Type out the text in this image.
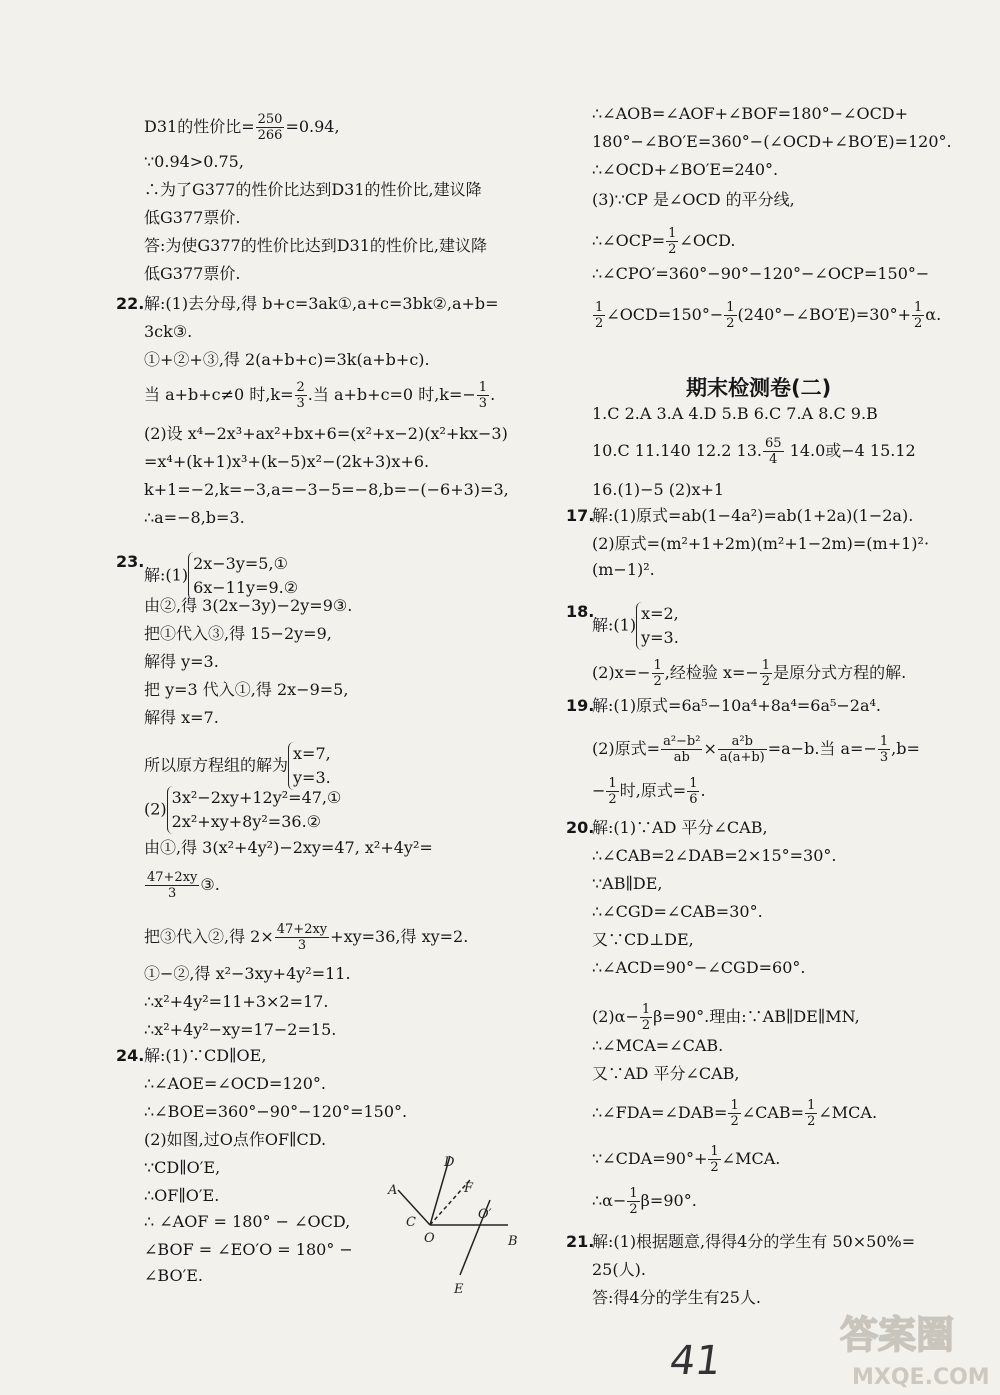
D31的性价比= $\frac{250}{266} =0.94$,
∵0.94>0.75,
∴为了G377的性价比达到D31的性价比,建议降
低G377票价.
答:为使G377的性价比达到D31的性价比,建议降
低G377票价.
22. 解:(1)去分母,得 b+c=3ak①,a+c=3bk②,a+b=
3ck③.
①+②+③,得 2(a+b+c)=3k(a+b+c).
当 a+b+c≠0 时$,k= \frac{2}{3}$ .当 a+b+c=0 时$,k=- \frac{1}{3}$ .
(2)设 x⁴−2x³+ax²+bx+6=(x²+x−2)(x²+kx−3)
=x⁴+(k+1)x³+(k−5)x²−(2k+3)x+6.
k+1=−2,k=−3,a=−3−5=−8,b=−(−6+3)=3,
∴a=−8,b=3.
23.
解:(1)
2x−3y=5,①
6x−11y=9.②
由②,得 3(2x−3y)−2y=9③.
把①代入③,得 15−2y=9,
解得 y=3.
把 y=3 代入①,得 2x−9=5,
解得 x=7.
所以原方程组的解为
x=7,
y=3.
(2)
3x²−2xy+12y²=47,①
2x²+xy+8y²=36.②
由①,得 3(x²+4y²)−2xy=47, x²+4y²=
$\frac{47+2xy}{3}$ ③.
把③代入②,得 $2\times \frac{47+2xy}{3} +xy=36$,得 xy=2.
①−②,得 x²−3xy+4y²=11.
∴x²+4y²=11+3×2=17.
∴x²+4y²−xy=17−2=15.
24. 解:(1)∵CD∥OE,
∴∠AOE=∠OCD=120°.
∴∠BOE=360°−90°−120°=150°.
(2)如图,过O点作OF∥CD.
∵CD∥O′E,
∴OF∥O′E.
∴ ∠AOF = 180° − ∠OCD,
∠BOF = ∠EO′O = 180° −
∠BO′E.
∴∠AOB=∠AOF+∠BOF=180°−∠OCD+
180°−∠BO′E=360°−(∠OCD+∠BO′E)=120°.
∴∠OCD+∠BO′E=240°.
(3)∵CP 是∠OCD 的平分线,
∴∠OCP= $\frac{1}{2}$ ∠OCD.
∴∠CPO′=360°−90°−120°−∠OCP=150°−
$\frac{1}{2}$ ∠OCD=150°− $\frac{1}{2}$ (240°−∠BO′E)=30°+ $\frac{1}{2} \alpha$.
1.C 2.A 3.A 4.D 5.B 6.C 7.A 8.C 9.B
10.C 11.140 12.2 13. $\frac{65}{4} 14.0$或−4 15.12
16.(1)−5 (2)x+1
17.
解:(1)原式=ab(1−4a²)=ab(1+2a)(1−2a).
(2)原式=(m²+1+2m)(m²+1−2m)=(m+1)²·
(m−1)².
18.
解:(1)
x=2,
y=3.
$(2)x=- \frac{1}{2}$ ,经检验 $x=- \frac{1}{2}$ 是原分式方程的解.
19.
解:(1)原式=6a⁵−10a⁴+8a⁴=6a⁵−2a⁴.
(2)原式= $\frac{\text{a²−b²}}{ab} \times \frac{\text{a²b}}{a(a+b)} =a-b$.当 $a=- \frac{1}{3} ,b=$
− $\frac{1}{2}$ 时,原式= $\frac{1}{6}$ .
20.
解:(1)∵AD 平分∠CAB,
∴∠CAB=2∠DAB=2×15°=30°.
∵AB∥DE,
∴∠CGD=∠CAB=30°.
又∵CD⊥DE,
∴∠ACD=90°−∠CGD=60°.
$(2)\alpha- \frac{1}{2} \beta=90^\circ$.理由:∵AB∥DE∥MN,
∴∠MCA=∠CAB.
又∵AD 平分∠CAB,
∴∠FDA=∠DAB= $\frac{1}{2}$ ∠CAB= $\frac{1}{2}$ ∠MCA.
∵∠CDA=90°+ $\frac{1}{2}$ ∠MCA.
∴α− $\frac{1}{2} \beta=90^\circ$.
21.
解:(1)根据题意,得得4分的学生有 50×50%=
25(人).
答:得4分的学生有25人.
期末检测卷(二)
A
D
F
C
O
O′
B
E
41
答案圈
MXQE.COM
